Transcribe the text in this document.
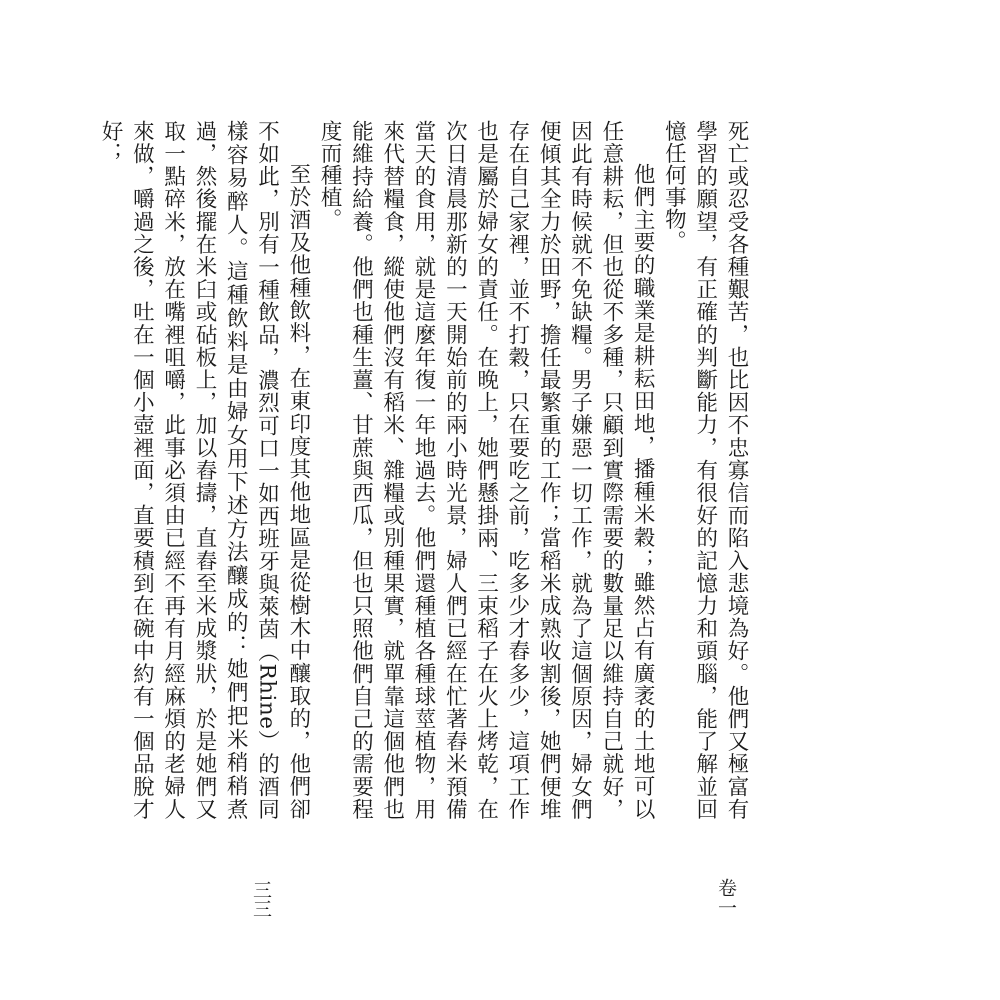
死亡或忍受各種艱苦，也比因不忠寡信而陷入悲境為好。他們又極富有學習的願望，有正確的判斷能力，有很好的記憶力和頭腦，能了解並回憶任何事物。

他們主要的職業是耕耘田地，播種米穀；雖然占有廣袤的土地可以任意耕耘，但也從不多種，只顧到實際需要的數量足以維持自己就好，因此有時候就不免缺糧。男子嫌惡一切工作，就為了這個原因，婦女們便傾其全力於田野，擔任最繁重的工作；當稻米成熟收割後，她們便堆存在自己家裡，並不打穀，只在要吃之前，吃多少才舂多少，這項工作也是屬於婦女的責任。在晚上，她們懸掛兩、三束稻子在火上烤乾，在次日清晨那新的一天開始前的兩小時光景，婦人們已經在忙著舂米預備當天的食用，就是這麼年復一年地過去。他們還種植各種球莖植物，用來代替糧食，縱使他們沒有稻米、雜糧或別種果實，就單靠這個他們也能維持給養。他們也種生薑、甘蔗與西瓜，但也只照他們自己的需要程度而種植。

至於酒及他種飲料，在東印度其他地區是從樹木中釀取的，他們卻不如此，別有一種飲品，濃烈可口一如西班牙與萊茵（Rhine）的酒同樣容易醉人。這種飲料是由婦女用下述方法釀成的：她們把米稍稍煮過，然後擺在米臼或砧板上，加以舂擣，直舂至米成漿狀，於是她們又取一點碎米，放在嘴裡咀嚼，此事必須由已經不再有月經麻煩的老婦人來做，嚼過之後，吐在一個小壺裡面，直要積到在碗中約有一個品脫才好；

卷一
三三
